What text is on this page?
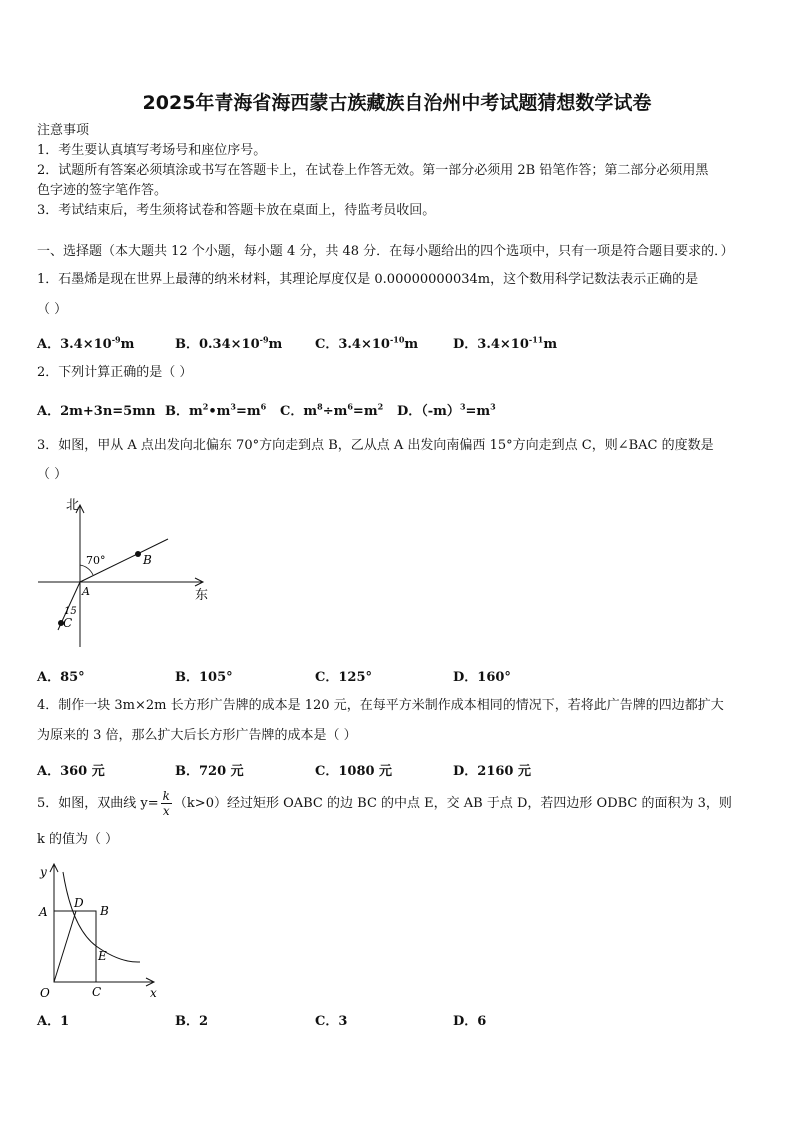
2025年青海省海西蒙古族藏族自治州中考试题猜想数学试卷
注意事项
1．考生要认真填写考场号和座位序号。
2．试题所有答案必须填涂或书写在答题卡上，在试卷上作答无效。第一部分必须用 2B 铅笔作答；第二部分必须用黑
色字迹的签字笔作答。
3．考试结束后，考生须将试卷和答题卡放在桌面上，待监考员收回。
一、选择题（本大题共 12 个小题，每小题 4 分，共 48 分．在每小题给出的四个选项中，只有一项是符合题目要求的．）
1．石墨烯是现在世界上最薄的纳米材料，其理论厚度仅是 0.00000000034m，这个数用科学记数法表示正确的是
（ ）
A．$3.4\times 10^{-9}m$	B．$0.34\times 10^{-9}m$	C．$3.4\times 10^{-10}m$	D．$3.4\times 10^{-11}m$
2．下列计算正确的是（ ）
A．2m+3n=5mn B．$m^2•m^3=m^6$ C．$m^8\div m^6=m^2$ D．$(-m)^3=m^3$
3．如图，甲从 A 点出发向北偏东 70°方向走到点 B，乙从点 A 出发向南偏西 15°方向走到点 C，则∠BAC 的度数是
（ ）
北
东
70°
15
A
B
C
A．85°	B．105°	C．125°	D．160°
4．制作一块 3m×2m 长方形广告牌的成本是 120 元，在每平方米制作成本相同的情况下，若将此广告牌的四边都扩大
为原来的 3 倍，那么扩大后长方形广告牌的成本是（ ）
A．360 元	B．720 元	C．1080 元	D．2160 元
5．如图，双曲线 $y= \frac{k}{x} (k>0)$经过矩形 OABC 的边 BC 的中点 E，交 AB 于点 D，若四边形 ODBC 的面积为 3，则
k 的值为（ ）
y
x
O
A	B
C
D
E
A．1	B．2	C．3	D．6
